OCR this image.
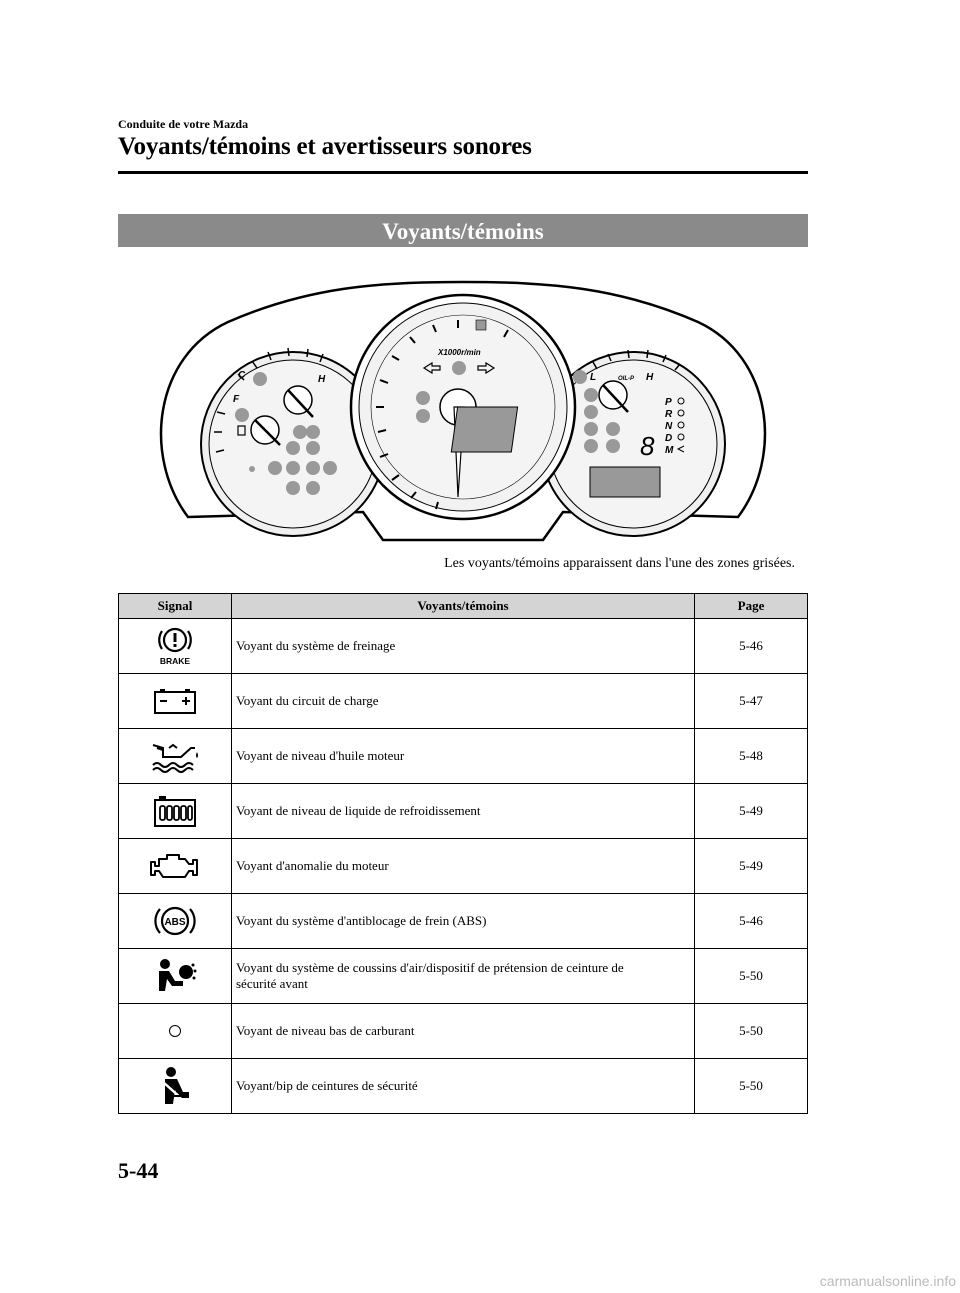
Conduite de votre Mazda
Voyants/témoins et avertisseurs sonores
Voyants/témoins
X1000r/min
C	H
F
OIL-P
L	H
8
P
R
N
D
M
Les voyants/témoins apparaissent dans l'une des zones grisées.
Signal	Voyants/témoins	Page

BRAKE	Voyant du système de freinage	5-46

	Voyant du circuit de charge	5-47

	Voyant de niveau d'huile moteur	5-48

	Voyant de niveau de liquide de refroidissement	5-49

	Voyant d'anomalie du moteur	5-49

ABS	Voyant du système d'antiblocage de frein (ABS)	5-46

	Voyant du système de coussins d'air/dispositif de prétension de ceinture de
sécurité avant	5-50

	Voyant de niveau bas de carburant	5-50

	Voyant/bip de ceintures de sécurité	5-50
5-44
carmanualsonline.info
